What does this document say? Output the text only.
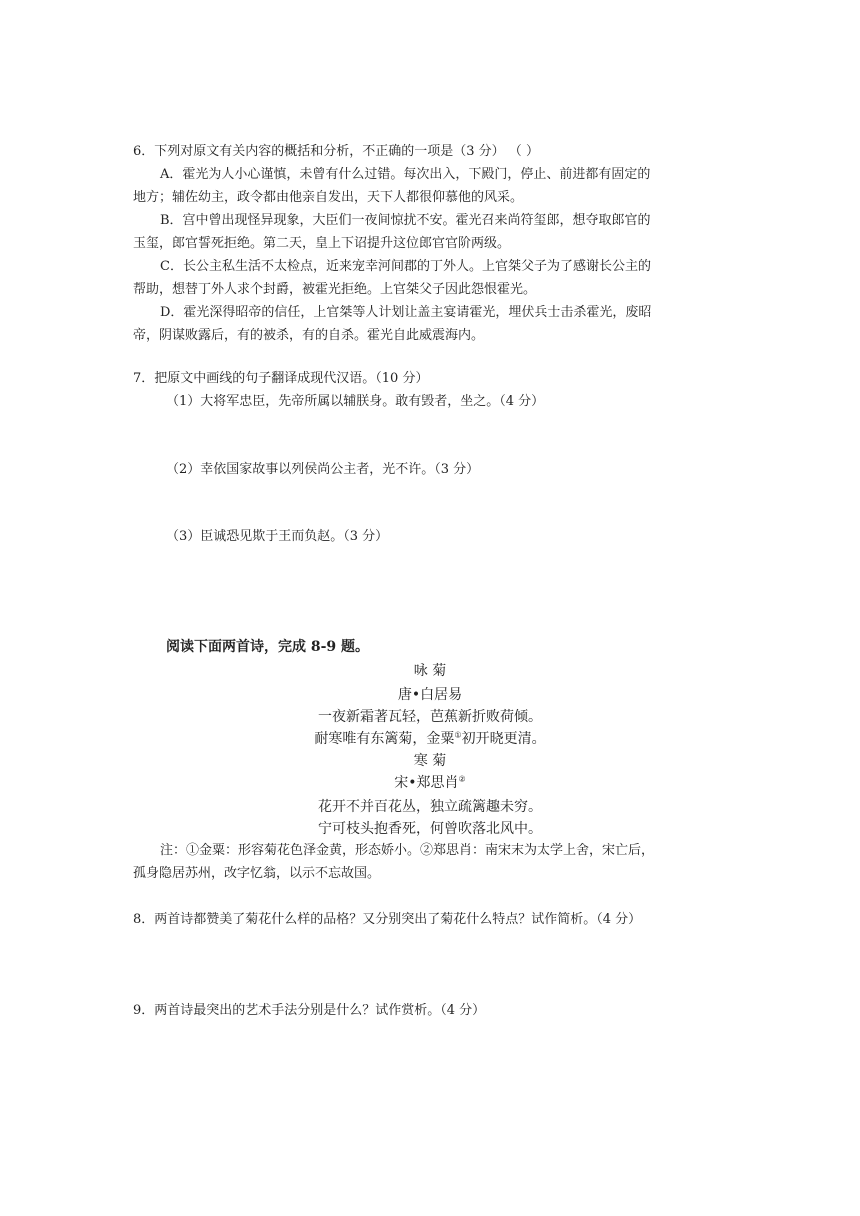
6．下列对原文有关内容的概括和分析，不正确的一项是（3 分） （ ）
A．霍光为人小心谨慎，未曾有什么过错。每次出入，下殿门，停止、前进都有固定的
地方；辅佐幼主，政令都由他亲自发出，天下人都很仰慕他的风采。
B．宫中曾出现怪异现象，大臣们一夜间惊扰不安。霍光召来尚符玺郎，想夺取郎官的
玉玺，郎官誓死拒绝。第二天，皇上下诏提升这位郎官官阶两级。
C．长公主私生活不太检点，近来宠幸河间郡的丁外人。上官桀父子为了感谢长公主的
帮助，想替丁外人求个封爵，被霍光拒绝。上官桀父子因此怨恨霍光。
D．霍光深得昭帝的信任，上官桀等人计划让盖主宴请霍光，埋伏兵士击杀霍光，废昭
帝，阴谋败露后，有的被杀，有的自杀。霍光自此威震海内。
7．把原文中画线的句子翻译成现代汉语。（10 分）
（1）大将军忠臣，先帝所属以辅朕身。敢有毁者，坐之。（4 分）
（2）幸依国家故事以列侯尚公主者，光不许。（3 分）
（3）臣诚恐见欺于王而负赵。（3 分）
阅读下面两首诗，完成 8-9 题。
咏 菊
唐•白居易
一夜新霜著瓦轻，芭蕉新折败荷倾。
耐寒唯有东篱菊，金粟①初开晓更清。
寒 菊
宋•郑思肖②
花开不并百花丛，独立疏篱趣未穷。
宁可枝头抱香死，何曾吹落北风中。
注：①金粟：形容菊花色泽金黄，形态娇小。②郑思肖：南宋末为太学上舍，宋亡后，
孤身隐居苏州，改字忆翁，以示不忘故国。
8．两首诗都赞美了菊花什么样的品格？又分别突出了菊花什么特点？试作简析。（4 分）
9．两首诗最突出的艺术手法分别是什么？试作赏析。（4 分）
